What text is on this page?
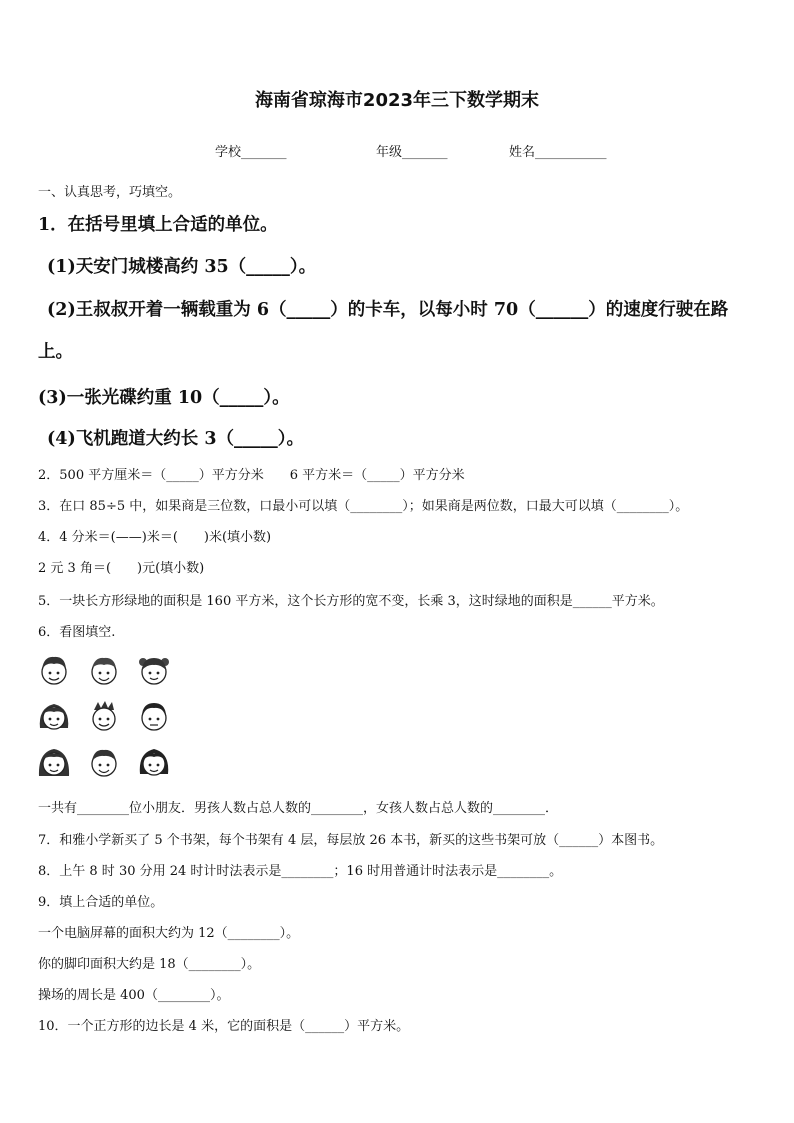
海南省琼海市2023年三下数学期末
学校_______	年级_______	姓名___________
一、认真思考，巧填空。
1．在括号里填上合适的单位。
(1)天安门城楼高约 35（_____）。
(2)王叔叔开着一辆载重为 6（_____）的卡车，以每小时 70（______）的速度行驶在路
上。
(3)一张光碟约重 10（_____）。
(4)飞机跑道大约长 3（_____）。
2．500 平方厘米＝（_____）平方分米　　6 平方米＝（_____）平方分米
3．在口 85÷5 中，如果商是三位数，口最小可以填（________）；如果商是两位数，口最大可以填（________）。
4．4 分米＝(——)米＝(　　)米(填小数)
2 元 3 角＝(　　)元(填小数)
5．一块长方形绿地的面积是 160 平方米，这个长方形的宽不变，长乘 3，这时绿地的面积是______平方米。
6．看图填空.
一共有________位小朋友．男孩人数占总人数的________，女孩人数占总人数的________．
7．和雅小学新买了 5 个书架，每个书架有 4 层，每层放 26 本书，新买的这些书架可放（______）本图书。
8．上午 8 时 30 分用 24 时计时法表示是________；16 时用普通计时法表示是________。
9．填上合适的单位。
一个电脑屏幕的面积大约为 12（________）。
你的脚印面积大约是 18（________）。
操场的周长是 400（________）。
10．一个正方形的边长是 4 米，它的面积是（______）平方米。
